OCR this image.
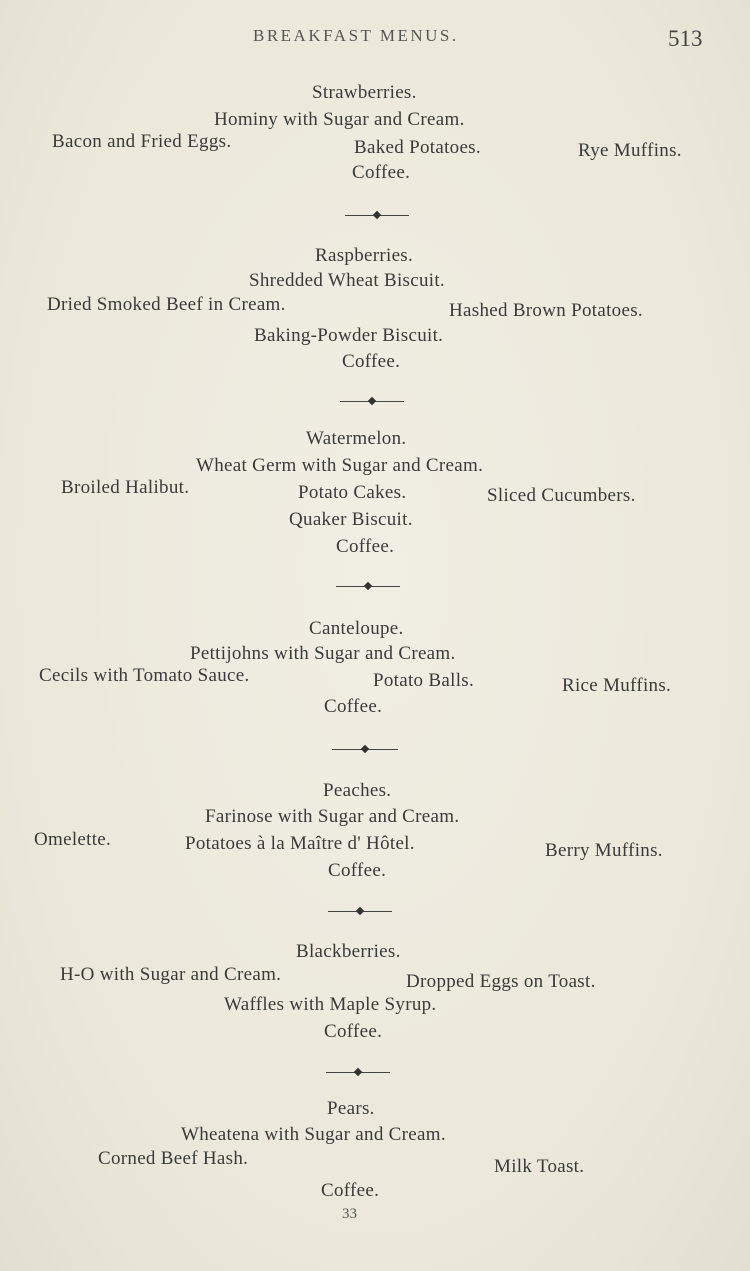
BREAKFAST MENUS.	513
Strawberries.
Hominy with Sugar and Cream.
Bacon and Fried Eggs.	Baked Potatoes.	Rye Muffins.
Coffee.
Raspberries.
Shredded Wheat Biscuit.
Dried Smoked Beef in Cream.	Hashed Brown Potatoes.
Baking-Powder Biscuit.
Coffee.
Watermelon.
Wheat Germ with Sugar and Cream.
Broiled Halibut.	Potato Cakes.	Sliced Cucumbers.
Quaker Biscuit.
Coffee.
Canteloupe.
Pettijohns with Sugar and Cream.
Cecils with Tomato Sauce.	Potato Balls.	Rice Muffins.
Coffee.
Peaches.
Farinose with Sugar and Cream.
Omelette.	Potatoes à la Maître d' Hôtel.	Berry Muffins.
Coffee.
Blackberries.
H-O with Sugar and Cream.	Dropped Eggs on Toast.
Waffles with Maple Syrup.
Coffee.
Pears.
Wheatena with Sugar and Cream.
Corned Beef Hash.	Milk Toast.
Coffee.
33
